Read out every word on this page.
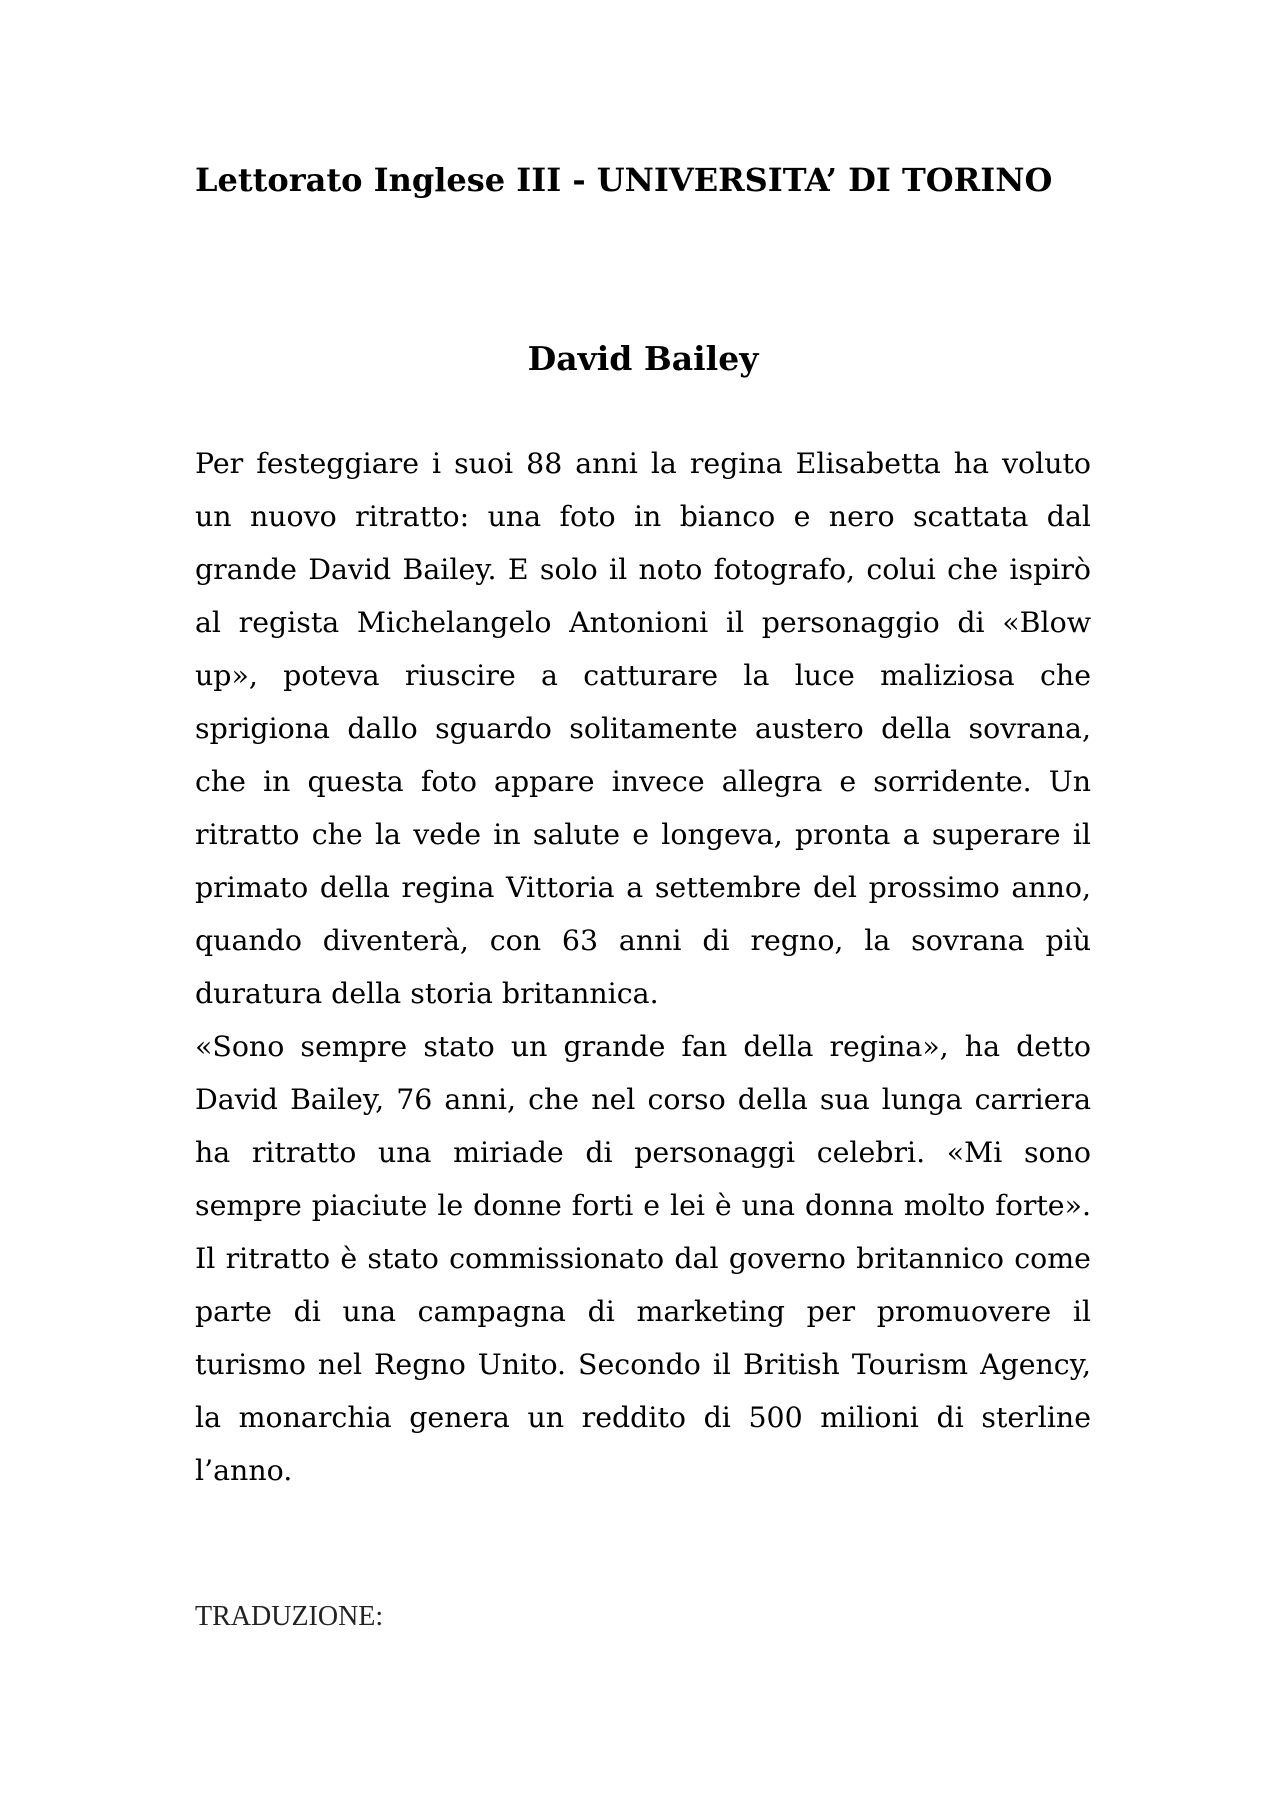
Lettorato Inglese III - UNIVERSITA’ DI TORINO
David Bailey

Per festeggiare i suoi 88 anni la regina Elisabetta ha voluto un nuovo ritratto: una foto in bianco e nero scattata dal grande David Bailey. E solo il noto fotografo, colui che ispirò al regista Michelangelo Antonioni il personaggio di «Blow up», poteva riuscire a catturare la luce maliziosa che sprigiona dallo sguardo solitamente austero della sovrana, che in questa foto appare invece allegra e sorridente. Un ritratto che la vede in salute e longeva, pronta a superare il primato della regina Vittoria a settembre del prossimo anno, quando diventerà, con 63 anni di regno, la sovrana più duratura della storia britannica.

«Sono sempre stato un grande fan della regina», ha detto David Bailey, 76 anni, che nel corso della sua lunga carriera ha ritratto una miriade di personaggi celebri. «Mi sono sempre piaciute le donne forti e lei è una donna molto forte». Il ritratto è stato commissionato dal governo britannico come parte di una campagna di marketing per promuovere il turismo nel Regno Unito. Secondo il British Tourism Agency, la monarchia genera un reddito di 500 milioni di sterline l’anno.

TRADUZIONE:
